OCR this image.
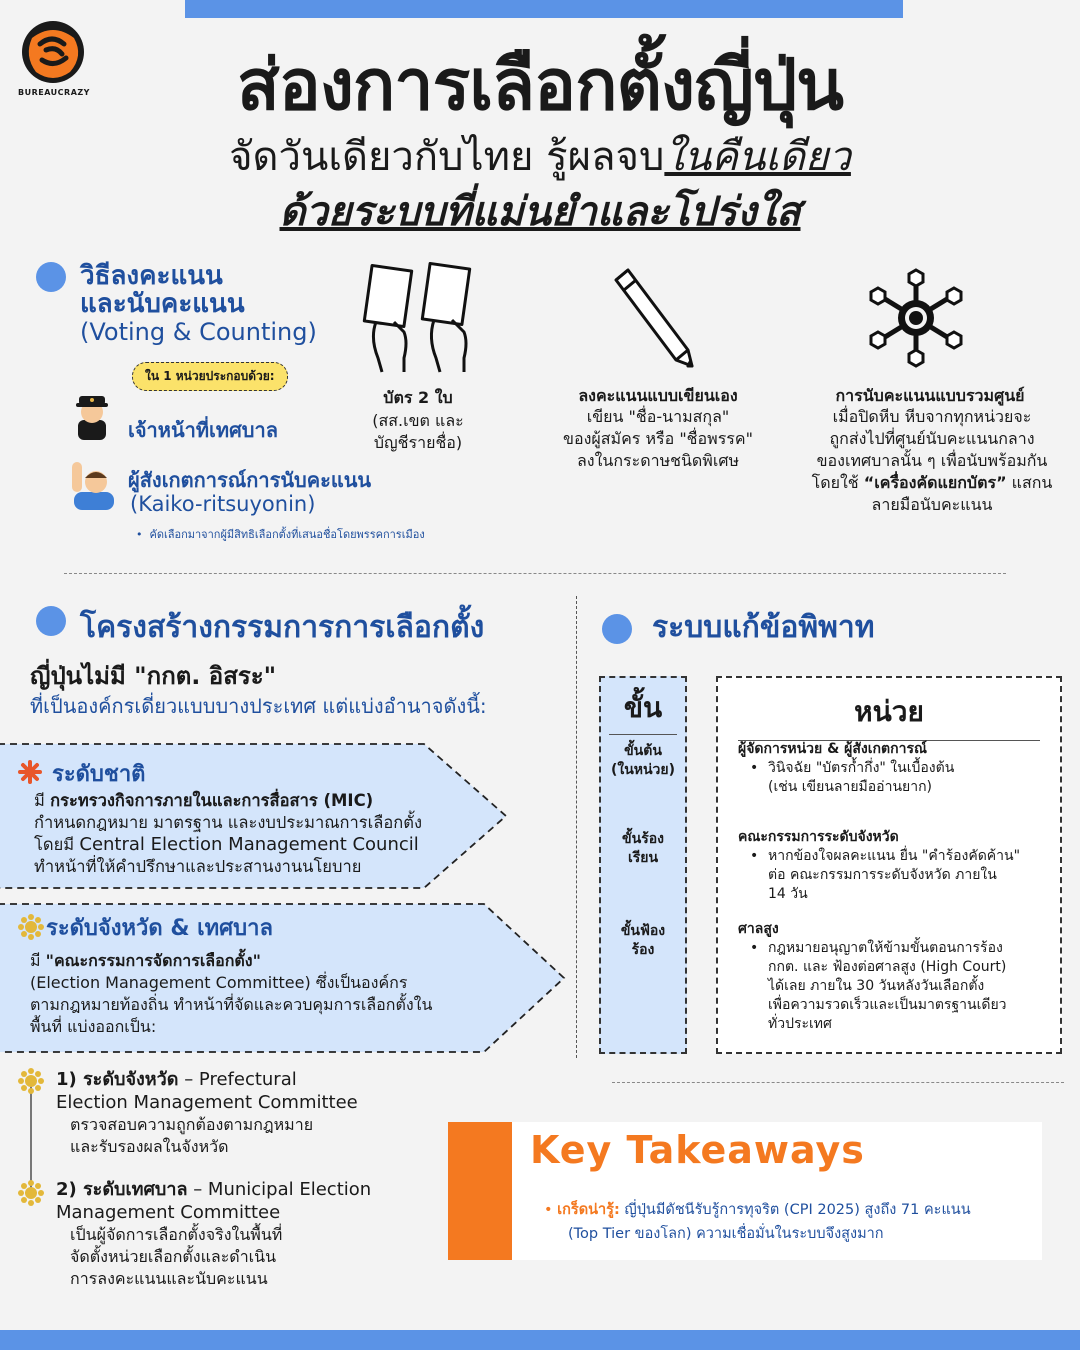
BUREAUCRAZY	ส่องการเลือกตั้งญี่ปุ่น
จัดวันเดียวกับไทย รู้ผลจบในคืนเดียว
ด้วยระบบที่แม่นยำและโปร่งใส
วิธีลงคะแนน
และนับคะแนน
(Voting & Counting)
ใน 1 หน่วยประกอบด้วย:
เจ้าหน้าที่เทศบาล
ผู้สังเกตการณ์การนับคะแนน
(Kaiko-ritsuyonin)
•  คัดเลือกมาจากผู้มีสิทธิเลือกตั้งที่เสนอชื่อโดยพรรคการเมือง
บัตร 2 ใบ
(สส.เขต และ
บัญชีรายชื่อ)
ลงคะแนนแบบเขียนเอง
เขียน "ชื่อ-นามสกุล"
ของผู้สมัคร หรือ "ชื่อพรรค"
ลงในกระดาษชนิดพิเศษ
การนับคะแนนแบบรวมศูนย์
เมื่อปิดหีบ หีบจากทุกหน่วยจะ
ถูกส่งไปที่ศูนย์นับคะแนนกลาง
ของเทศบาลนั้น ๆ เพื่อนับพร้อมกัน
โดยใช้ “เครื่องคัดแยกบัตร” แสกน
ลายมือนับคะแนน
โครงสร้างกรรมการการเลือกตั้ง
ญี่ปุ่นไม่มี "กกต. อิสระ"
ที่เป็นองค์กรเดี่ยวแบบบางประเทศ แต่แบ่งอำนาจดังนี้:
ระดับชาติ
มี กระทรวงกิจการภายในและการสื่อสาร (MIC)
กำหนดกฎหมาย มาตรฐาน และงบประมาณการเลือกตั้ง
โดยมี Central Election Management Council
ทำหน้าที่ให้คำปรึกษาและประสานงานนโยบาย
ระดับจังหวัด & เทศบาล
มี "คณะกรรมการจัดการเลือกตั้ง"
(Election Management Committee) ซึ่งเป็นองค์กร
ตามกฎหมายท้องถิ่น ทำหน้าที่จัดและควบคุมการเลือกตั้งใน
พื้นที่ แบ่งออกเป็น:
1) ระดับจังหวัด – Prefectural
Election Management Committee
ตรวจสอบความถูกต้องตามกฎหมาย
และรับรองผลในจังหวัด
2) ระดับเทศบาล – Municipal Election
Management Committee
เป็นผู้จัดการเลือกตั้งจริงในพื้นที่
จัดตั้งหน่วยเลือกตั้งและดำเนิน
การลงคะแนนและนับคะแนน
ระบบแก้ข้อพิพาท
ขั้น
ขั้นต้น
(ในหน่วย)
ขั้นร้อง
เรียน
ขั้นฟ้อง
ร้อง
หน่วย
ผู้จัดการหน่วย & ผู้สังเกตการณ์
• วินิจฉัย "บัตรก้ำกึ่ง" ในเบื้องต้น
(เช่น เขียนลายมืออ่านยาก)
คณะกรรมการระดับจังหวัด
• หากข้องใจผลคะแนน ยื่น "คำร้องคัดค้าน"
ต่อ คณะกรรมการระดับจังหวัด ภายใน
14 วัน
ศาลสูง
• กฎหมายอนุญาตให้ข้ามขั้นตอนการร้อง
กกต. และ ฟ้องต่อศาลสูง (High Court)
ได้เลย ภายใน 30 วันหลังวันเลือกตั้ง
เพื่อความรวดเร็วและเป็นมาตรฐานเดียว
ทั่วประเทศ
Key Takeaways
• เกร็ดน่ารู้: ญี่ปุ่นมีดัชนีรับรู้การทุจริต (CPI 2025) สูงถึง 71 คะแนน
(Top Tier ของโลก) ความเชื่อมั่นในระบบจึงสูงมาก
